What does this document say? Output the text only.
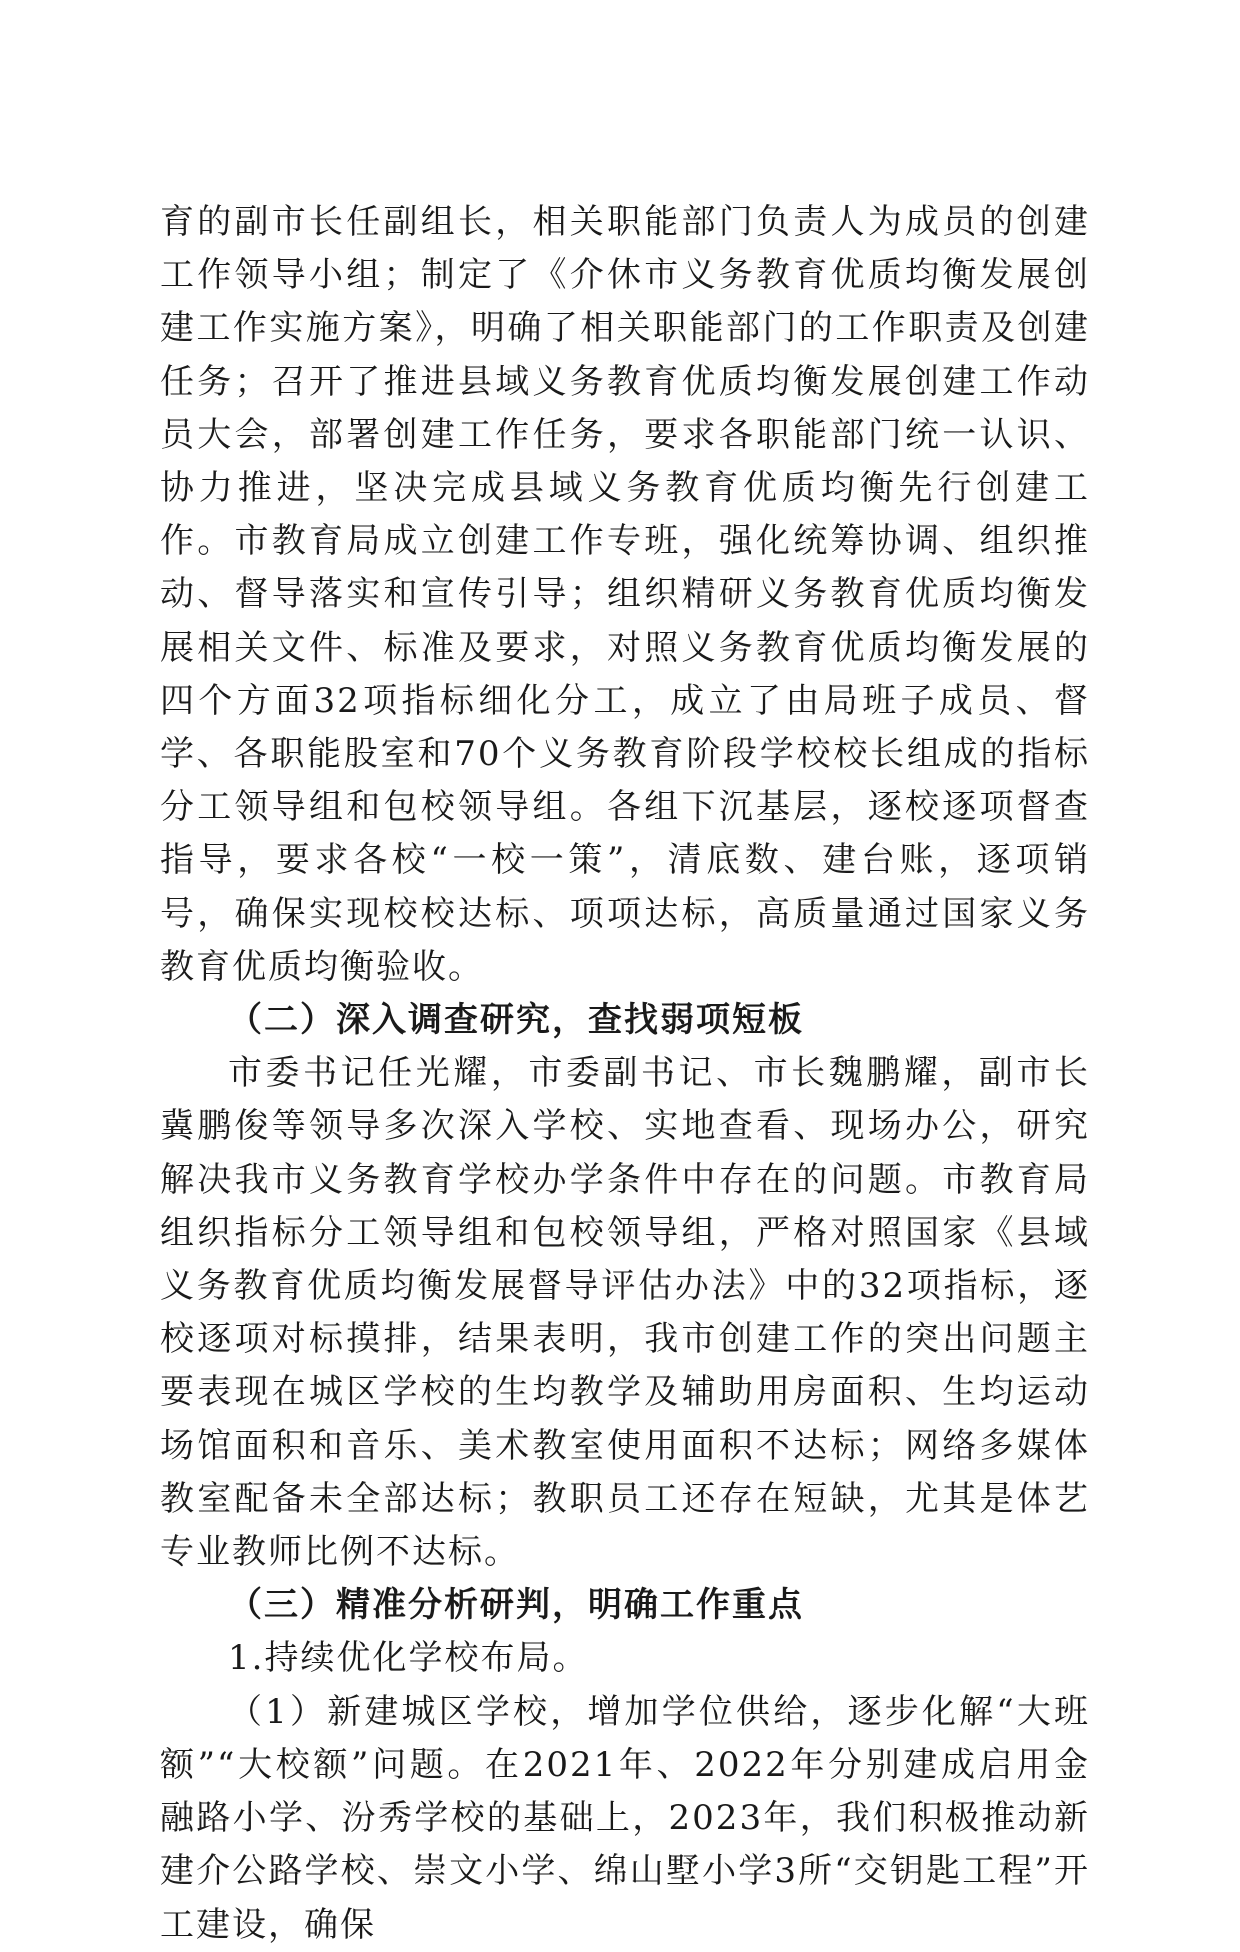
育的副市长任副组长，相关职能部门负责人为成员的创建工作领导小组；制定了《介休市义务教育优质均衡发展创建工作实施方案》，明确了相关职能部门的工作职责及创建任务；召开了推进县域义务教育优质均衡发展创建工作动员大会，部署创建工作任务，要求各职能部门统一认识、协力推进，坚决完成县域义务教育优质均衡先行创建工作。市教育局成立创建工作专班，强化统筹协调、组织推动、督导落实和宣传引导；组织精研义务教育优质均衡发展相关文件、标准及要求，对照义务教育优质均衡发展的四个方面32项指标细化分工，成立了由局班子成员、督学、各职能股室和70个义务教育阶段学校校长组成的指标分工领导组和包校领导组。各组下沉基层，逐校逐项督查指导，要求各校“一校一策”，清底数、建台账，逐项销号，确保实现校校达标、项项达标，高质量通过国家义务教育优质均衡验收。

（二）深入调查研究，查找弱项短板

市委书记任光耀，市委副书记、市长魏鹏耀，副市长冀鹏俊等领导多次深入学校、实地查看、现场办公，研究解决我市义务教育学校办学条件中存在的问题。市教育局组织指标分工领导组和包校领导组，严格对照国家《县域义务教育优质均衡发展督导评估办法》中的32项指标，逐校逐项对标摸排，结果表明，我市创建工作的突出问题主要表现在城区学校的生均教学及辅助用房面积、生均运动场馆面积和音乐、美术教室使用面积不达标；网络多媒体教室配备未全部达标；教职员工还存在短缺，尤其是体艺专业教师比例不达标。

（三）精准分析研判，明确工作重点

1.持续优化学校布局。

（1）新建城区学校，增加学位供给，逐步化解“大班额”“大校额”问题。在2021年、2022年分别建成启用金融路小学、汾秀学校的基础上，2023年，我们积极推动新建介公路学校、崇文小学、绵山墅小学3所“交钥匙工程”开工建设，确保
